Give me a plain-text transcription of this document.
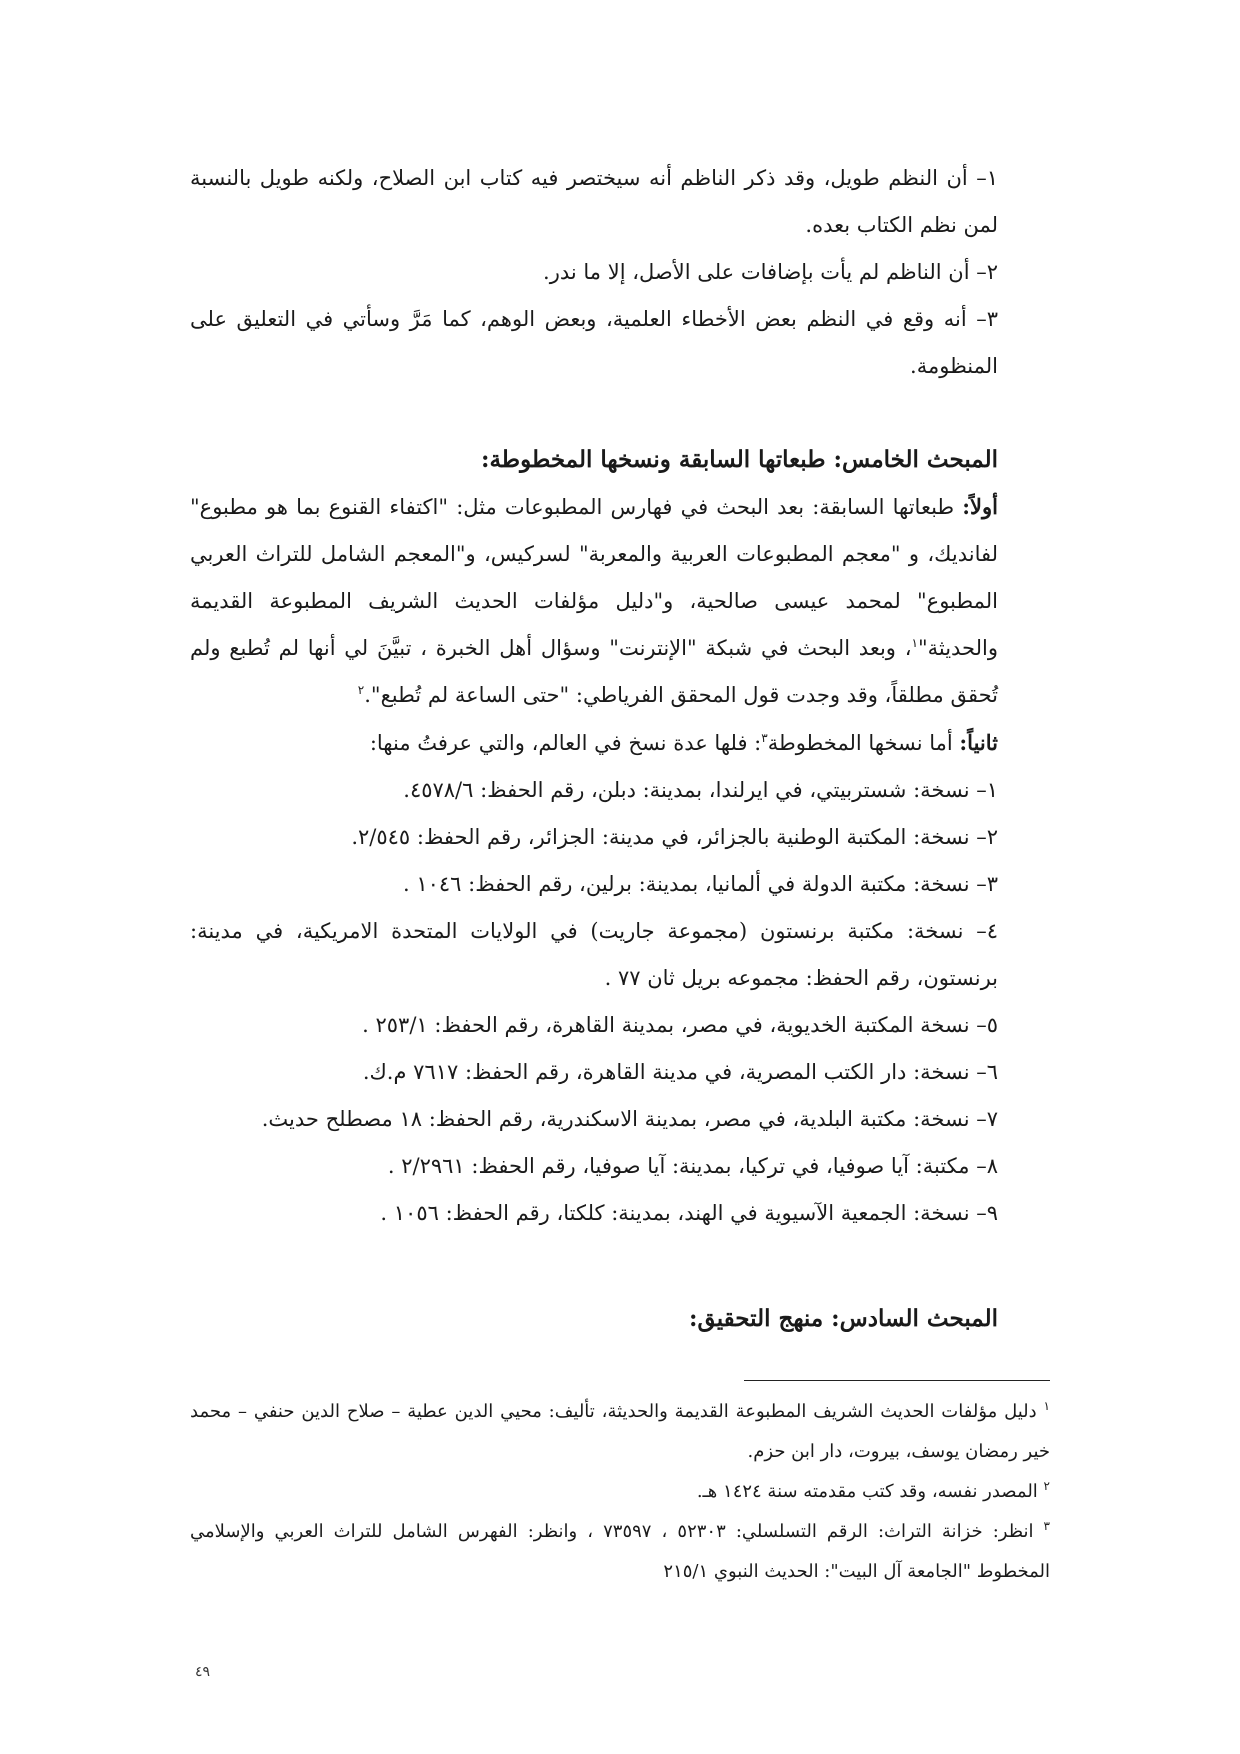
١– أن النظم طويل، وقد ذكر الناظم أنه سيختصر فيه كتاب ابن الصلاح، ولكنه طويل بالنسبة لمن نظم الكتاب بعده.

٢– أن الناظم لم يأت بإضافات على الأصل، إلا ما ندر.

٣– أنه وقع في النظم بعض الأخطاء العلمية، وبعض الوهم، كما مَرَّ وسأتي في التعليق على المنظومة.

المبحث الخامس: طبعاتها السابقة ونسخها المخطوطة:

أولاً: طبعاتها السابقة: بعد البحث في فهارس المطبوعات مثل: "اكتفاء القنوع بما هو مطبوع" لفانديك، و "معجم المطبوعات العربية والمعربة" لسركيس، و"المعجم الشامل للتراث العربي المطبوع" لمحمد عيسى صالحية، و"دليل مؤلفات الحديث الشريف المطبوعة القديمة والحديثة"$^١$، وبعد البحث في شبكة "الإنترنت" وسؤال أهل الخبرة ، تبيَّنَ لي أنها لم تُطبع ولم تُحقق مطلقاً، وقد وجدت قول المحقق الفرياطي: "حتى الساعة لم تُطبع".$^٢$

ثانياً: أما نسخها المخطوطة$^٣$: فلها عدة نسخ في العالم، والتي عرفتُ منها:

١– نسخة: شستربيتي، في ايرلندا، بمدينة: دبلن، رقم الحفظ: ٤٥٧٨/٦.

٢– نسخة: المكتبة الوطنية بالجزائر، في مدينة: الجزائر، رقم الحفظ: ٢/٥٤٥.

٣– نسخة: مكتبة الدولة في ألمانيا، بمدينة: برلين، رقم الحفظ: ١٠٤٦ .

٤– نسخة: مكتبة برنستون (مجموعة جاريت) في الولايات المتحدة الامريكية، في مدينة: برنستون، رقم الحفظ: مجموعه بريل ثان ٧٧ .

٥– نسخة المكتبة الخديوية، في مصر، بمدينة القاهرة، رقم الحفظ: ٢٥٣/١ .

٦– نسخة: دار الكتب المصرية، في مدينة القاهرة، رقم الحفظ: ٧٦١٧ م.ك.

٧– نسخة: مكتبة البلدية، في مصر، بمدينة الاسكندرية، رقم الحفظ: ١٨ مصطلح حديث.

٨– مكتبة: آيا صوفيا، في تركيا، بمدينة: آيا صوفيا، رقم الحفظ: ٢/٢٩٦١ .

٩– نسخة: الجمعية الآسيوية في الهند، بمدينة: كلكتا، رقم الحفظ: ١٠٥٦ .

المبحث السادس: منهج التحقيق:

$^١$ دليل مؤلفات الحديث الشريف المطبوعة القديمة والحديثة، تأليف: محيي الدين عطية – صلاح الدين حنفي – محمد خير رمضان يوسف، بيروت، دار ابن حزم.

$^٢$ المصدر نفسه، وقد كتب مقدمته سنة ١٤٢٤ هـ.

$^٣$ انظر: خزانة التراث: الرقم التسلسلي: ٥٢٣٠٣ ، ٧٣٥٩٧ ، وانظر: الفهرس الشامل للتراث العربي والإسلامي المخطوط "الجامعة آل البيت": الحديث النبوي ٢١٥/١

٤٩
